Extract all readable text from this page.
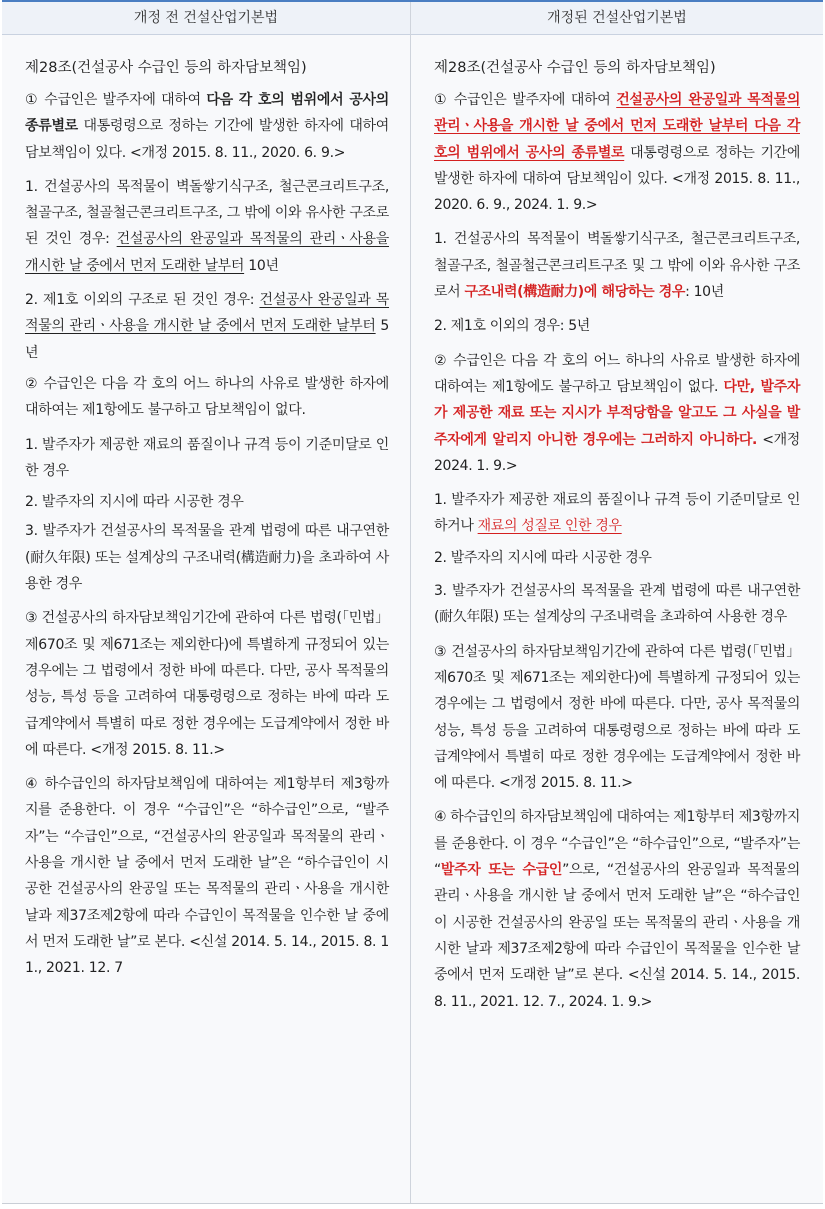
개정 전 건설산업기본법	개정된 건설산업기본법
제28조(건설공사 수급인 등의 하자담보책임)

① 수급인은 발주자에 대하여 다음 각 호의 범위에서 공사의 종류별로 대통령령으로 정하는 기간에 발생한 하자에 대하여 담보책임이 있다. <개정 2015. 8. 11., 2020. 6. 9.>

1. 건설공사의 목적물이 벽돌쌓기식구조, 철근콘크리트구조, 철골구조, 철골철근콘크리트구조, 그 밖에 이와 유사한 구조로 된 것인 경우: 건설공사의 완공일과 목적물의 관리ㆍ사용을 개시한 날 중에서 먼저 도래한 날부터 10년

2. 제1호 이외의 구조로 된 것인 경우: 건설공사 완공일과 목적물의 관리ㆍ사용을 개시한 날 중에서 먼저 도래한 날부터 5년

② 수급인은 다음 각 호의 어느 하나의 사유로 발생한 하자에 대하여는 제1항에도 불구하고 담보책임이 없다.

1. 발주자가 제공한 재료의 품질이나 규격 등이 기준미달로 인한 경우

2. 발주자의 지시에 따라 시공한 경우

3. 발주자가 건설공사의 목적물을 관계 법령에 따른 내구연한(耐久年限) 또는 설계상의 구조내력(構造耐力)을 초과하여 사용한 경우

③ 건설공사의 하자담보책임기간에 관하여 다른 법령(「민법」 제670조 및 제671조는 제외한다)에 특별하게 규정되어 있는 경우에는 그 법령에서 정한 바에 따른다. 다만, 공사 목적물의 성능, 특성 등을 고려하여 대통령령으로 정하는 바에 따라 도급계약에서 특별히 따로 정한 경우에는 도급계약에서 정한 바에 따른다. <개정 2015. 8. 11.>

④ 하수급인의 하자담보책임에 대하여는 제1항부터 제3항까지를 준용한다. 이 경우 “수급인”은 “하수급인”으로, “발주자”는 “수급인”으로, “건설공사의 완공일과 목적물의 관리ㆍ사용을 개시한 날 중에서 먼저 도래한 날”은 “하수급인이 시공한 건설공사의 완공일 또는 목적물의 관리ㆍ사용을 개시한 날과 제37조제2항에 따라 수급인이 목적물을 인수한 날 중에서 먼저 도래한 날”로 본다. <신설 2014. 5. 14., 2015. 8. 11., 2021. 12. 7

제28조(건설공사 수급인 등의 하자담보책임)

① 수급인은 발주자에 대하여 건설공사의 완공일과 목적물의 관리ㆍ사용을 개시한 날 중에서 먼저 도래한 날부터 다음 각 호의 범위에서 공사의 종류별로 대통령령으로 정하는 기간에 발생한 하자에 대하여 담보책임이 있다. <개정 2015. 8. 11., 2020. 6. 9., 2024. 1. 9.>

1. 건설공사의 목적물이 벽돌쌓기식구조, 철근콘크리트구조, 철골구조, 철골철근콘크리트구조 및 그 밖에 이와 유사한 구조로서 구조내력(構造耐力)에 해당하는 경우: 10년

2. 제1호 이외의 경우: 5년

② 수급인은 다음 각 호의 어느 하나의 사유로 발생한 하자에 대하여는 제1항에도 불구하고 담보책임이 없다. 다만, 발주자가 제공한 재료 또는 지시가 부적당함을 알고도 그 사실을 발주자에게 알리지 아니한 경우에는 그러하지 아니하다. <개정 2024. 1. 9.>

1. 발주자가 제공한 재료의 품질이나 규격 등이 기준미달로 인하거나 재료의 성질로 인한 경우

2. 발주자의 지시에 따라 시공한 경우

3. 발주자가 건설공사의 목적물을 관계 법령에 따른 내구연한(耐久年限) 또는 설계상의 구조내력을 초과하여 사용한 경우

③ 건설공사의 하자담보책임기간에 관하여 다른 법령(「민법」 제670조 및 제671조는 제외한다)에 특별하게 규정되어 있는 경우에는 그 법령에서 정한 바에 따른다. 다만, 공사 목적물의 성능, 특성 등을 고려하여 대통령령으로 정하는 바에 따라 도급계약에서 특별히 따로 정한 경우에는 도급계약에서 정한 바에 따른다. <개정 2015. 8. 11.>

④ 하수급인의 하자담보책임에 대하여는 제1항부터 제3항까지를 준용한다. 이 경우 “수급인”은 “하수급인”으로, “발주자”는 “발주자 또는 수급인”으로, “건설공사의 완공일과 목적물의 관리ㆍ사용을 개시한 날 중에서 먼저 도래한 날”은 “하수급인이 시공한 건설공사의 완공일 또는 목적물의 관리ㆍ사용을 개시한 날과 제37조제2항에 따라 수급인이 목적물을 인수한 날 중에서 먼저 도래한 날”로 본다. <신설 2014. 5. 14., 2015. 8. 11., 2021. 12. 7., 2024. 1. 9.>
